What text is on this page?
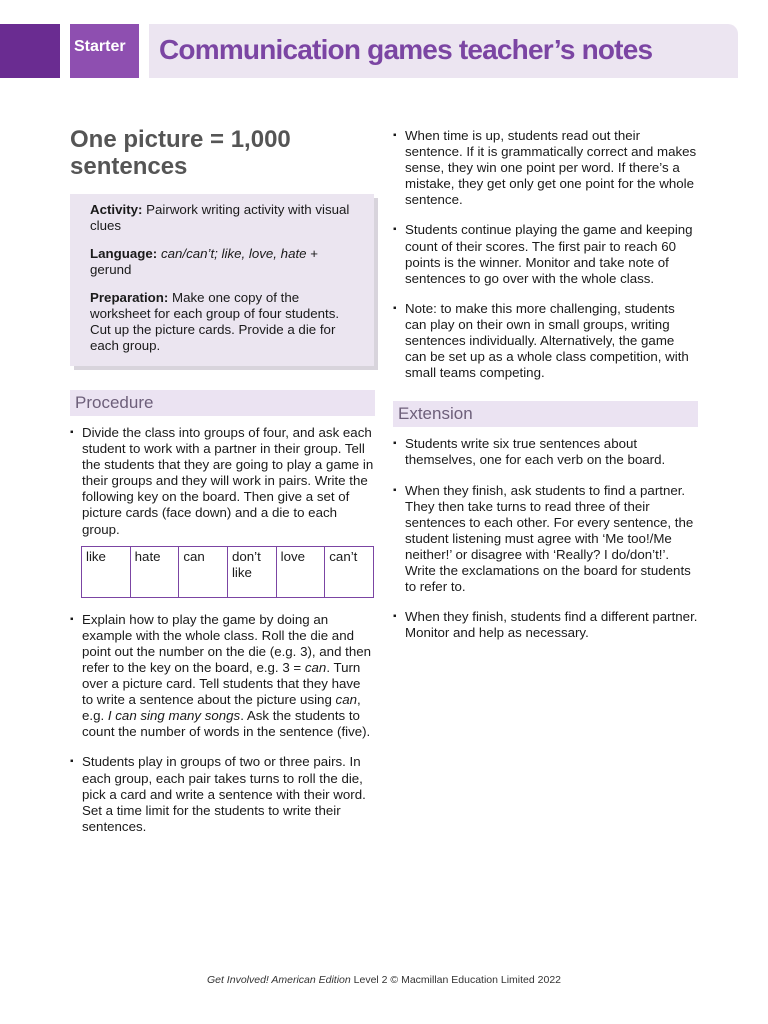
Starter	Communication games teacher’s notes
One picture = 1,000 sentences

Activity: Pairwork writing activity with visual clues

Language: can/can’t; like, love, hate + gerund

Preparation: Make one copy of the worksheet for each group of four students. Cut up the picture cards. Provide a die for each group.

Procedure
▪ Divide the class into groups of four, and ask each student to work with a partner in their group. Tell the students that they are going to play a game in their groups and they will work in pairs. Write the following key on the board. Then give a set of picture cards (face down) and a die to each group.
like	hate	can	don’t like	love	can’t
▪ Explain how to play the game by doing an example with the whole class. Roll the die and point out the number on the die (e.g. 3), and then refer to the key on the board, e.g. 3 = can. Turn over a picture card. Tell students that they have to write a sentence about the picture using can, e.g. I can sing many songs. Ask the students to count the number of words in the sentence (five).
▪ Students play in groups of two or three pairs. In each group, each pair takes turns to roll the die, pick a card and write a sentence with their word. Set a time limit for the students to write their sentences.
▪ When time is up, students read out their sentence. If it is grammatically correct and makes sense, they win one point per word. If there’s a mistake, they get only get one point for the whole sentence.
▪ Students continue playing the game and keeping count of their scores. The first pair to reach 60 points is the winner. Monitor and take note of sentences to go over with the whole class.
▪ Note: to make this more challenging, students can play on their own in small groups, writing sentences individually. Alternatively, the game can be set up as a whole class competition, with small teams competing.
Extension
▪ Students write six true sentences about themselves, one for each verb on the board.
▪ When they finish, ask students to find a partner. They then take turns to read three of their sentences to each other. For every sentence, the student listening must agree with ‘Me too!/Me neither!’ or disagree with ‘Really? I do/don’t!’. Write the exclamations on the board for students to refer to.
▪ When they finish, students find a different partner. Monitor and help as necessary.
Get Involved! American Edition Level 2 © Macmillan Education Limited 2022
